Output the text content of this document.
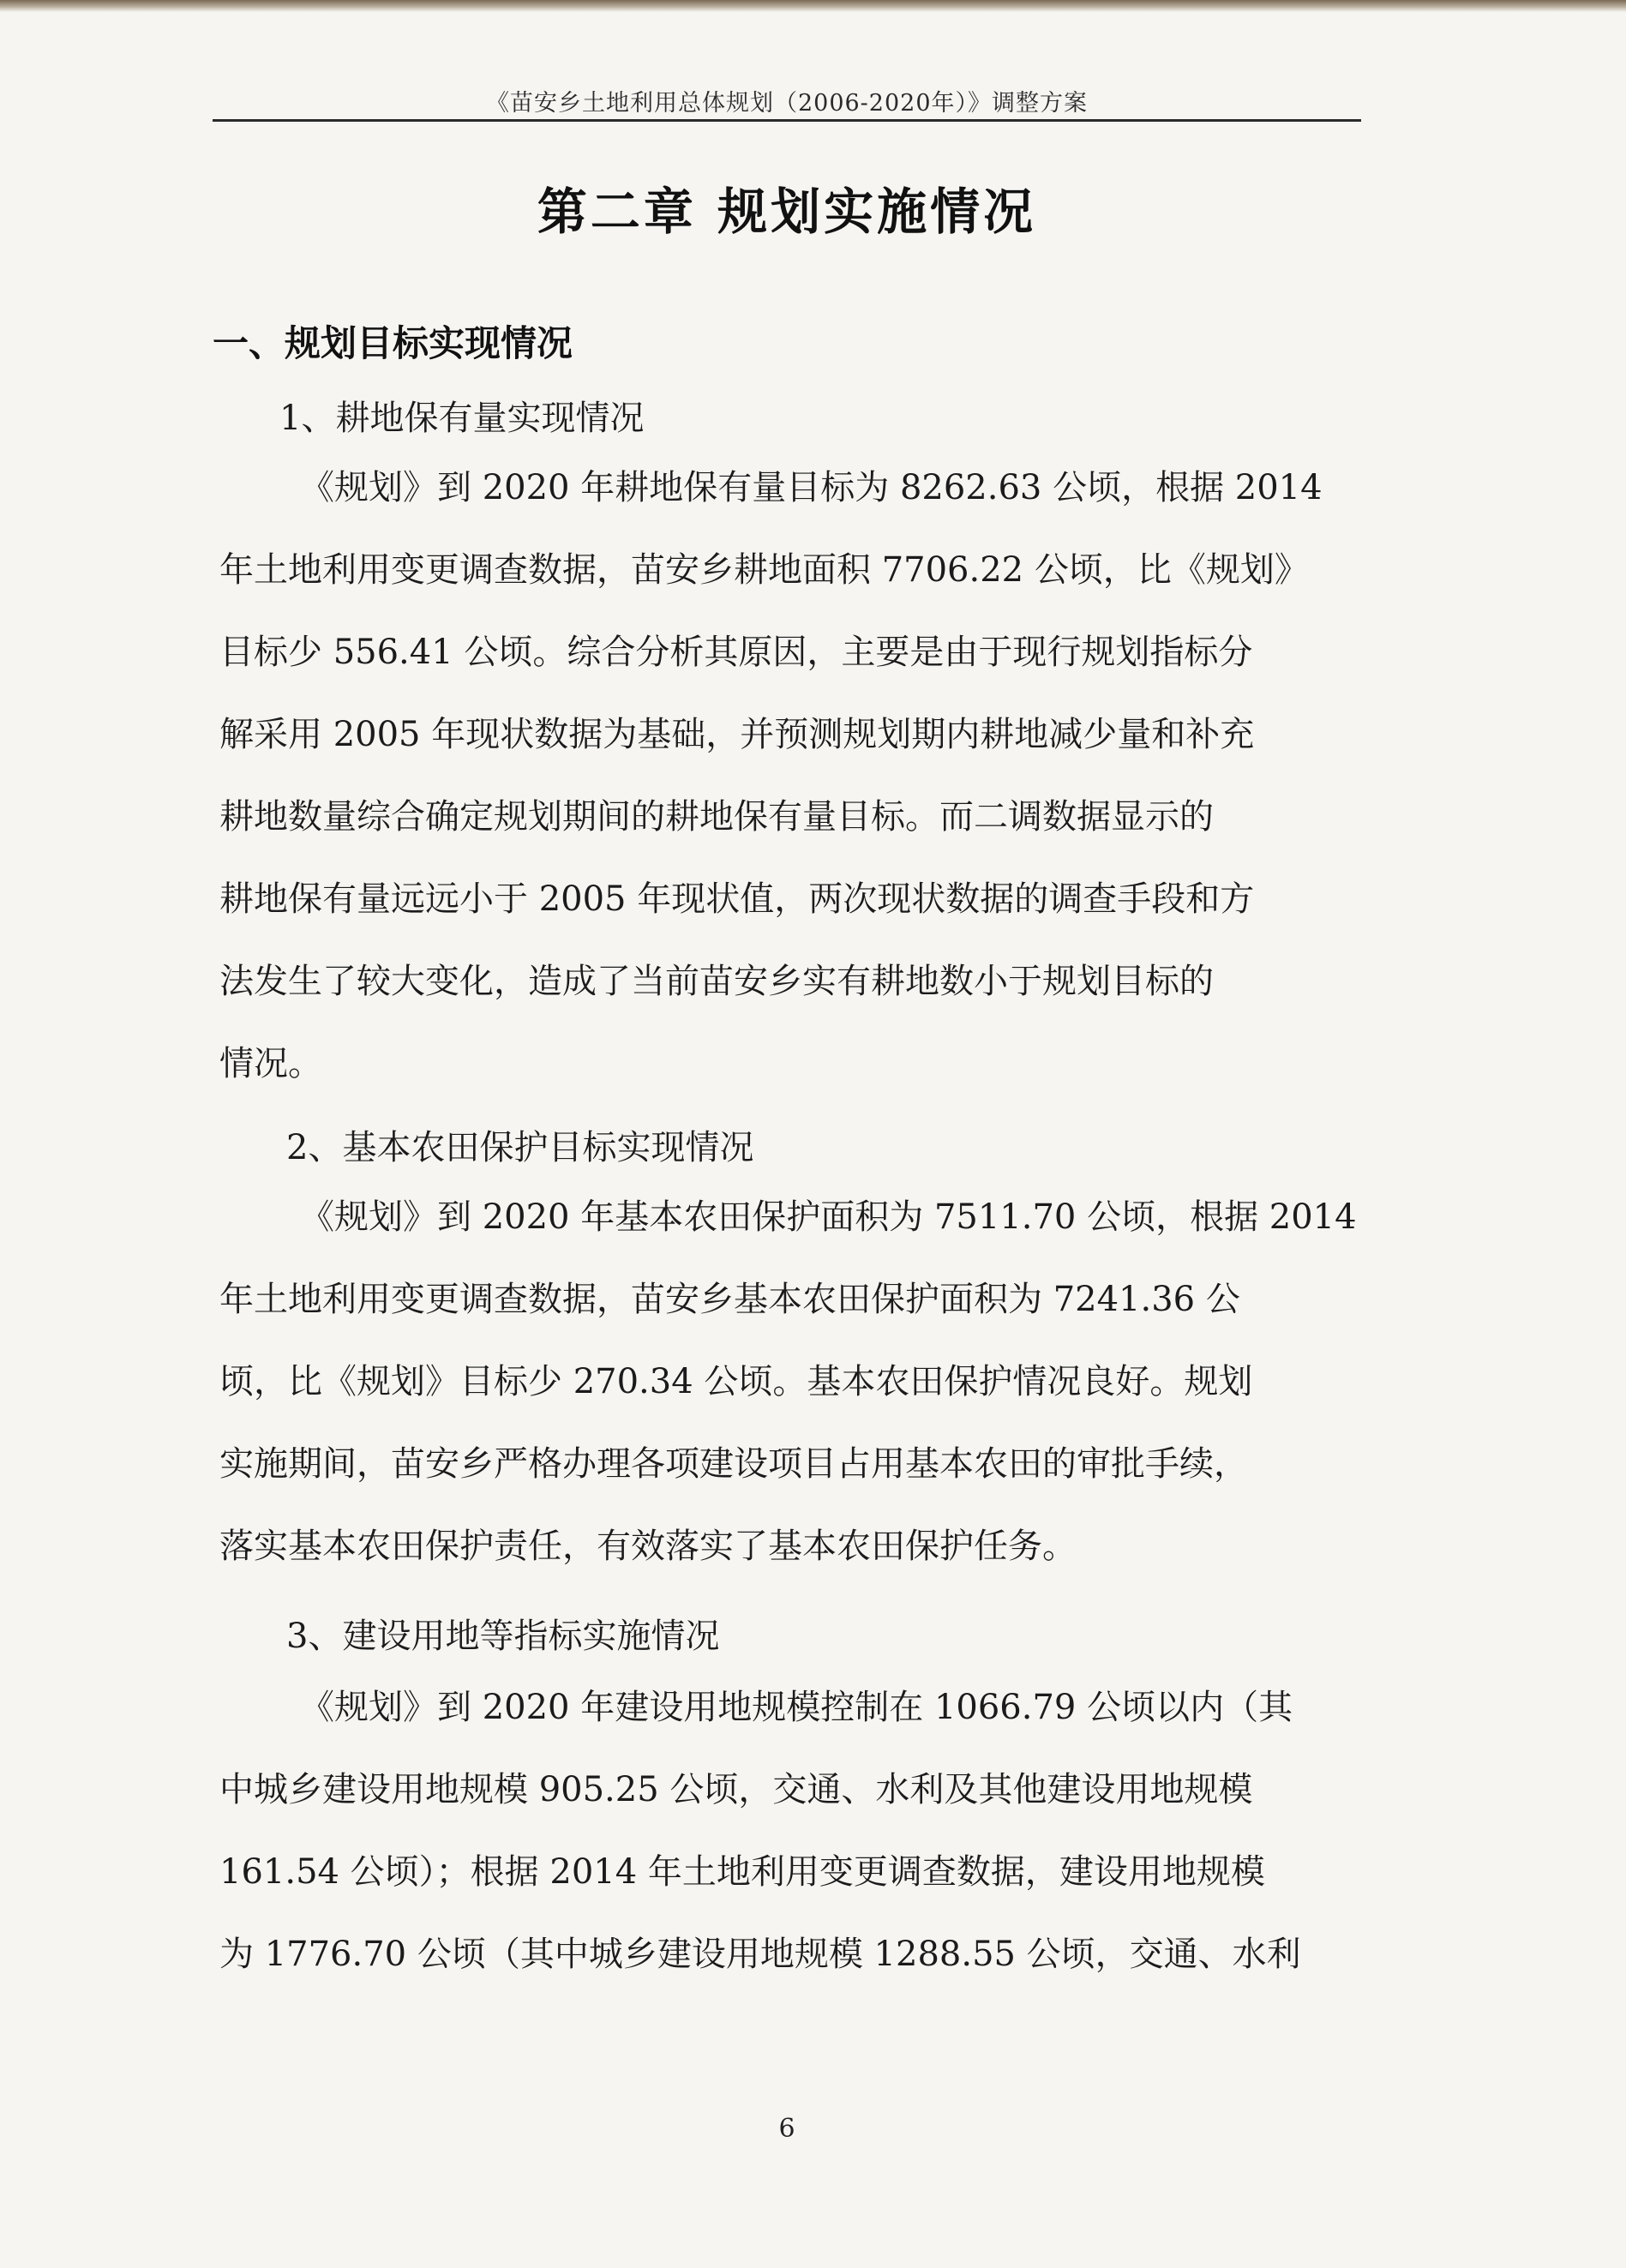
《苗安乡土地利用总体规划（2006-2020年）》调整方案
第二章 规划实施情况
一、规划目标实现情况
1、耕地保有量实现情况
《规划》到 2020 年耕地保有量目标为 8262.63 公顷，根据 2014
年土地利用变更调查数据，苗安乡耕地面积 7706.22 公顷，比《规划》
目标少 556.41 公顷。综合分析其原因，主要是由于现行规划指标分
解采用 2005 年现状数据为基础，并预测规划期内耕地减少量和补充
耕地数量综合确定规划期间的耕地保有量目标。而二调数据显示的
耕地保有量远远小于 2005 年现状值，两次现状数据的调查手段和方
法发生了较大变化，造成了当前苗安乡实有耕地数小于规划目标的
情况。
2、基本农田保护目标实现情况
《规划》到 2020 年基本农田保护面积为 7511.70 公顷，根据 2014
年土地利用变更调查数据，苗安乡基本农田保护面积为 7241.36 公
顷，比《规划》目标少 270.34 公顷。基本农田保护情况良好。规划
实施期间，苗安乡严格办理各项建设项目占用基本农田的审批手续，
落实基本农田保护责任，有效落实了基本农田保护任务。
3、建设用地等指标实施情况
《规划》到 2020 年建设用地规模控制在 1066.79 公顷以内（其
中城乡建设用地规模 905.25 公顷，交通、水利及其他建设用地规模
161.54 公顷）；根据 2014 年土地利用变更调查数据，建设用地规模
为 1776.70 公顷（其中城乡建设用地规模 1288.55 公顷，交通、水利
6
